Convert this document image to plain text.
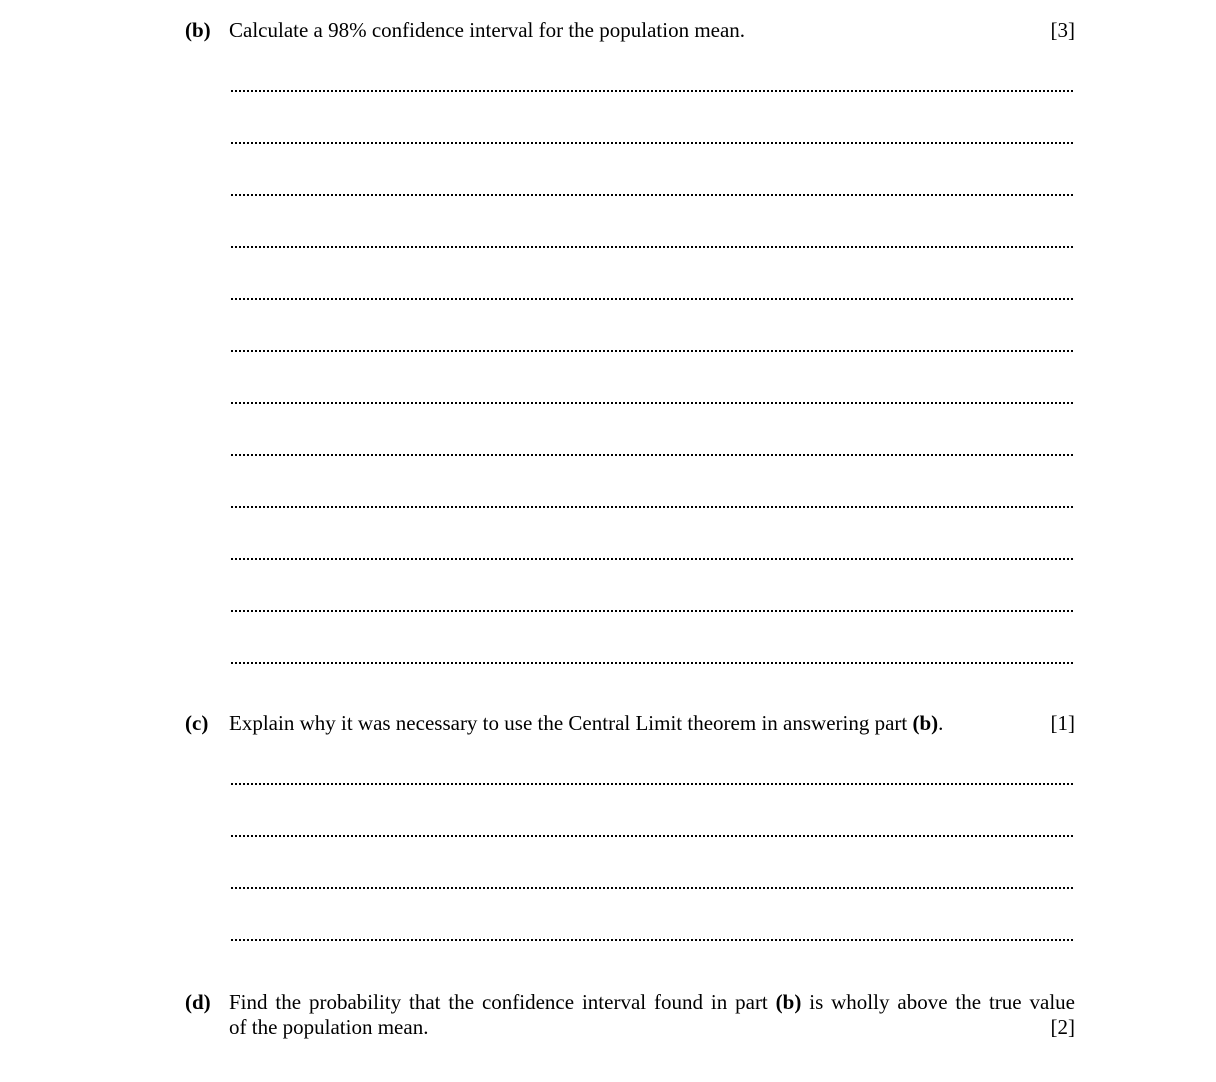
(b) Calculate a 98% confidence interval for the population mean.	[3]
(c) Explain why it was necessary to use the Central Limit theorem in answering part (b).	[1]
(d) Find the probability that the confidence interval found in part (b) is wholly above the true value
of the population mean.	[2]
